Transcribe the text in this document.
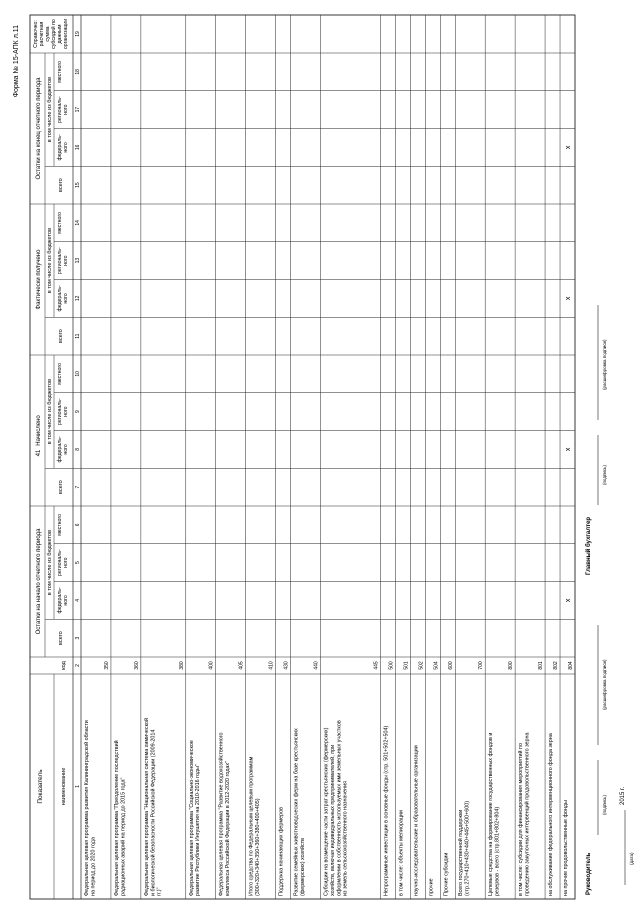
Форма № 15-АПК л.11
41
Показатель	наименование
код
Остатки на начало отчетного периода
всего
в том числе из бюджетов
федераль- ного
региональ- ного
местного
Начислено
всего
в том числе из бюджетов
федераль- ного
региональ- ного
местного
Фактически получено
всего
в том числе из бюджетов
федераль- ного
региональ- ного
местного
Остатки на конец отчетного периода
всего
в том числе из бюджетов
федераль- ного
региональ- ного
местного
Справочно: расчетная сумма субсидий по данным организации
1
2
3
4
5
6
7
8
9
10
11
12
13
14
15
16
17
18
19
Федеральная целевая программа развития Калининградской области на период до 2020 года
350
Федеральная целевая программа "Преодоление последствий радиационных аварий на период до 2015 года"
360
Федеральная целевая программа "Национальная система химической и биологической безопасности Российской Федерации (2009-2014 гг.)"
380
Федеральная целевая программа "Социально-экономическое развитие Республики Ингушетия на 2010-2016 годы"
400
Федеральная целевая программа "Развитие водохозяйственного комплекса Российской Федерации в 2012-2020 годах"
405
Итого средства по Федеральным целевым программам (300+320+340+350+360+380+400+405)
410
Поддержка начинающих фермеров
430
Развитие семейных животноводческих ферм на базе крестьянских (фермерских) хозяйств
440
Субсидии на возмещение части затрат крестьянских (фермерских) хозяйств, включая индивидуальных предпринимателей, при оформлении в собственность используемых ими земельных участков из земель сельскохозяйственного назначения
445
Непрограммные инвестиции в основные фонды (стр. 501+502+504)
500
в том числе: объекты мелиорации
501
научно-исследовательские и образовательные организации
502
прочие
504
Прочие субсидии
600
Всего государственной поддержки (стр.270+410+430+440+445+500+600)
700
Целевые средства на формирование государственных фондов и резервов - всего (стр.801+802+804)
800
в том числе: субсидии для финансирования мероприятий по проведению закупочных интервенций продовольственного зерна
801
на обслуживание федерального интервенционного фонда зерна
802
на прочие продовольственные фонды
804
x
x
x
x
Руководитель
(подпись)
(расшифровка подписи)
Главный бухгалтер
(подпись)
(расшифровка подписи)
2015 г.
(дата)
